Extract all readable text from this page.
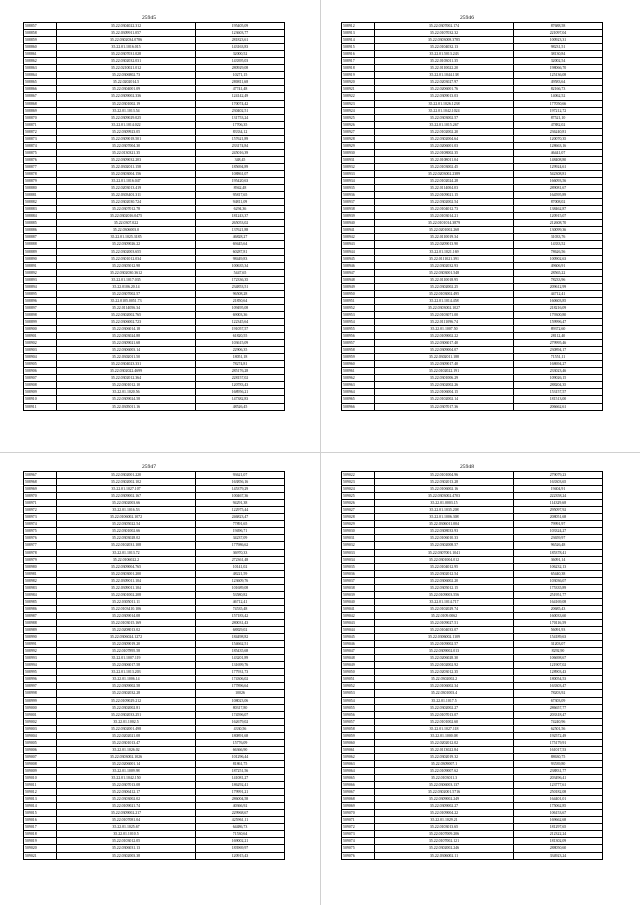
25945
508857	35.22.0304022.312	195405,09
508858	35.22.0309911.057	123603,77
508859	35.22.0302034.0786	281823,61
508860	35.22.01.1016.015	143163,83
508861	35.22.0307031.028	32000,52
508862	35.22.0302032.031	143395,03
508863	35.22.0210021.012	280929,08
508864	35.22.0306802.73	10271,15
508865	35.22.0202014.5	280811,68
508866	35.22.0304001.09	47741,48
508867	35.22.0309002.336	124142,49
508868	35.22.0301002.19	170074,42
508869	35.22.01.1013.54	230402,51
508870	35.22.0309029.025	131753,24
508871	35.22.01.1014.022	17706,35
508872	35.22.0309923.05	83334,12
508873	35.22.0309018.501	157621,89
508874	35.22.0307004.30	233174,84
508875	35.22.0130321.35	245016,39
508876	35.22.0309032.203	348,45
508877	35.22.0302011.158	185694,89
508878	35.22.0303004.156	108861,07
508879	35.22.01.1016.047	195420,63
508880	35.22.0203013.419	8942,48
508881	35.22.0303401.311	95817,65
508882	35.22.0302030.724	94811,09
508883	35.22.0307012.78	6294,36
508884	35.22.0302016.0475	181243,37
508885	35.22.0307.022	265053,02
508886	35.22.0306003.0	137621,88
508887	35.22.01.1025.3185	46828,27
508888	35.22.0309026.22	69445,64
508889	35.22.0302003.655	60287,81
508890	35.22.0301012.034	98449,83
508891	35.22.0305012.98	100635,34
508892	35.22.0302030.3612	5447,65
508893	35.22.01.1017.035	172336,35
508894	35.22.0106.20.14	234853,51
508895	35.22.0307002.57	96508,28
508896	35.22.0105.0051.73	21850,64
508897	35.22.0114056.34	109495,08
508898	35.22.0302002.765	69003,36
508899	35.22.0306002.723	122345,64
508900	35.22.0306014.18	191057,57
508901	35.22.0303024.88	61820,55
508902	35.22.0309021.68	103615,09
508903	35.22.0306003.14	22906,35
508904	35.22.0302011.50	18051,18
508905	35.22.0304023.331	78274,81
508906	35.22.0302022.4699	285176,28
508907	35.22.0302012.364	228157,02
508908	35.22.0301012.10	120783,43
508909	35.22.01.1020.56	168956,21
508910	35.22.0309024.58	147382,83
508911	35.22.0305011.16	48526,45
25946
508912	35.22.0307002.174	87688,58
508913	35.22.0107032.32	221097,04
508914	35.22.0303008.3785	100923,31
508915	35.22.0104032.13	98231,51
508916	35.22.01.5013.243	38130,84
508917	35.22.0103011.35	32002,54
508918	35.22.0110022.20	198066,70
508919	35.22.01.1044.138	125136,08
508920	35.22.0203027.97	49583,64
508921	35.22.0206001.76	82166,73
508922	35.22.0309013.03	14062,52
508923	35.22.01.1026.1238	177050,66
508924	35.22.01.1042.1024	197212,72
508925	35.22.0303002.57	87521,10
508926	35.22.01.1015.267	47882,02
508927	35.22.0102002.20	236240,81
508928	35.22.0302004.64	120070,35
508929	35.22.0206001.03	128663,16
508930	35.22.0108002.35	46441,07
508931	35.22.0108011.04	148408,80
508932	35.22.0103002.45	129924,61
508933	35.22.0203002.2389	542308,81
508934	35.22.0102024.28	166093,56
508935	35.22.0114004.03	289081,67
508936	35.22.0109021.15	164595,89
508937	35.22.0302002.54	87008,02
508938	35.22.0104012.73	138462,87
508939	35.22.0103014.21	120915,07
508940	35.22.0101014.3879	212608,70
508941	35.22.0201002.268	130099,36
508942	35.22.0110019.34	31033,76
508943	35.22.0209013.90	14333,52
508944	35.22.01.1021.169	78626,56
508945	35.22.0111021.391	100902,63
508946	35.22.0302032.93	49606,91
508947	35.22.0303001.548	28565,22
508948	35.22.0110018.95	78233,96
508949	35.22.0302002.25	209612,99
508950	35.22.0103002.495	44712,41
508951	35.22.01.1014.458	160603,85
508952	35.22.0303002.1027	218216,09
508953	35.22.0103071.00	179300,80
508954	35.22.0111096.74	159996,47
508955	35.22.01.1007.50	89372,60
508956	35.22.0109002.22	28112,40
508957	35.22.0306017.40	279995,46
508958	35.22.0309004.07	230894,17
508959	35.22.0302011.188	71551,11
508960	35.22.0309017.40	168694,27
508961	35.22.0102022.191	233023,46
508962	35.22.0301006.29	109026,15
508963	35.22.0302002.26	288204,35
508964	35.22.0106004.15	153157,57
508965	35.22.0102002.14	181513,00
508966	35.22.0307017.36	206662,61
25947
508967	35.22.0302001.220	93621,07
508968	35.22.0302002.102	163856,16
508969	35.22.01.1027.107	145379,29
508970	35.22.0309002.167	100467,36
508971	35.22.0302003.66	94291,38
508972	35.22.01.1016.53	122975,44
508973	35.22.0106002.1072	246823,47
508974	35.22.0305022.54	77891,65
508975	35.22.0301002.66	19496,71
508976	35.22.0303028.02	34237,09
508977	35.22.0102031.108	177986,62
508978	35.22.01.1013.72	36970,33
508979	35.22.0106022.2	272361,48
508980	35.22.0309004.765	10141,02
508981	35.22.0303001.200	48221,59
508982	35.22.0309011.104	123609,76
508983	35.22.0309011.104	101689,08
508984	35.22.0301002.208	53580,82
508985	35.22.0305011.11	46712,41
508986	35.22.0103410.106	74535,48
508987	35.22.0309014.08	157183,42
508988	35.22.0103015.169	280031,43
508989	35.22.0208013.02	68829,02
508990	35.22.0306024.1272	184498,82
508991	35.22.0309019.20	154662,51
508992	35.22.0107895.58	185435,68
508993	35.22.01.1007.119	143201,89
508994	35.22.0306017.58	131699,76
508995	35.22.01.1013.203	177931,73
508996	35.22.01.1006.14	174306,02
508997	35.22.0309002.58	177896,64
508998	35.22.0302032.28	10026
508999	35.22.0109029.212	108023,06
509000	35.22.0302002.81	80317,80
509001	35.22.0302033.251	174596,07
509002	35.22.01.1002.5	162679,02
509003	35.22.0302001.498	4330,56
509004	35.22.0202021.08	180891,68
509005	35.22.0301013.47	15776,09
509006	35.22.01.1026.02	66366,90
509007	35.22.0303002.1026	101296,44
509008	35.22.0206001.14	81861,75
509009	35.22.01.1009.98	187251,56
509010	35.22.01.1042.150	141081,27
509011	35.22.0307013.08	186292,41
509012	35.22.0306412.17	179991,21
509013	35.22.0303002.02	286004,58
509014	35.22.0109021.74	40366,92
509015	35.22.0309002.217	229968,67
509016	35.22.0107081.04	425961,11
509017	35.22.01.1025.67	64486,73
509018	35.22.01.1010.5	71530,64
509019	35.22.0103012.05	169002,21
509020	35.22.0306031.13	183969,97
509021	35.22.0302003.38	120915,43
25948
509022	35.22.0101004.96	279079,23
509023	35.22.0302013.28	163303,65
509024	35.22.0106002.16	19404,91
509025	35.22.0303002.4703	222358,24
509026	35.22.01.0003.15	114329,68
509027	35.22.01.1035.208	295097,92
509028	35.22.01.1006.308	208051,68
509029	35.22.0306011.004	79991,97
509030	35.22.0308033.93	103324,27
509031	35.22.0106010.33	23659,97
509032	35.22.0302008.57	96526,48
509033	35.22.0307001.1041	185378,41
509034	35.22.0301004.012	36091,14
509035	35.22.0104012.95	106232,13
509036	35.22.0302012.54	65440,38
509037	35.22.0306002.20	103036,07
509038	35.22.0305012.15	175335,89
509039	35.22.0109003.556	251951,77
509040	35.22.01.1014.717	164169,08
509041	35.22.0102029.74	20685,43
509042	35.22.0109.0062	160033,60
509043	35.22.0109027.51	170116,59
509044	35.22.0104033.07	56091,93
509045	35.22.0306002.1109	154189,63
509046	35.22.0109002.57	31203,07
509047	35.22.0309002.013	8292,90
509048	35.22.0206028.30	106698,67
509049	35.22.0102002.92	121907,02
509050	35.22.0203012.35	128903,43
509051	35.22.0302002.2	180054,53
509052	35.22.0106002.34	163303,47
509053	35.22.0301003.4	78203,92
509054	35.22.01.1017.5	67303,09
509055	35.22.0302002.27	286657,77
509056	35.22.0107013.07	203318,47
509057	35.22.0101002.60	74240,96
509058	35.22.01.1027.118	62501,56
509059	35.22.01.1000.08	192572,49
509060	35.22.0202012.02	175179,91
509061	35.22.0113022.84	161017,53
509062	35.22.0302019.32	88630,75
509063	35.22.0309007.1	93539,80
509064	35.22.0109007.62	238831,77
509065	35.22.0103011.3	203496,41
509066	35.22.0306003.137	123777,61
509067	35.22.0302001.5716	250182,08
509068	35.22.0309002.249	164401,01
509069	35.22.0309002.27	175062,85
509070	35.22.0109004.22	106153,67
509071	35.22.01.1029.21	169662,68
509072	35.22.0103013.65	181297,65
509073	35.22.0107009.206	212322,24
509074	35.22.0107002.121	181302,09
509075	35.22.0302002.246	288050,60
509076	35.22.0306002.11	334923,24
